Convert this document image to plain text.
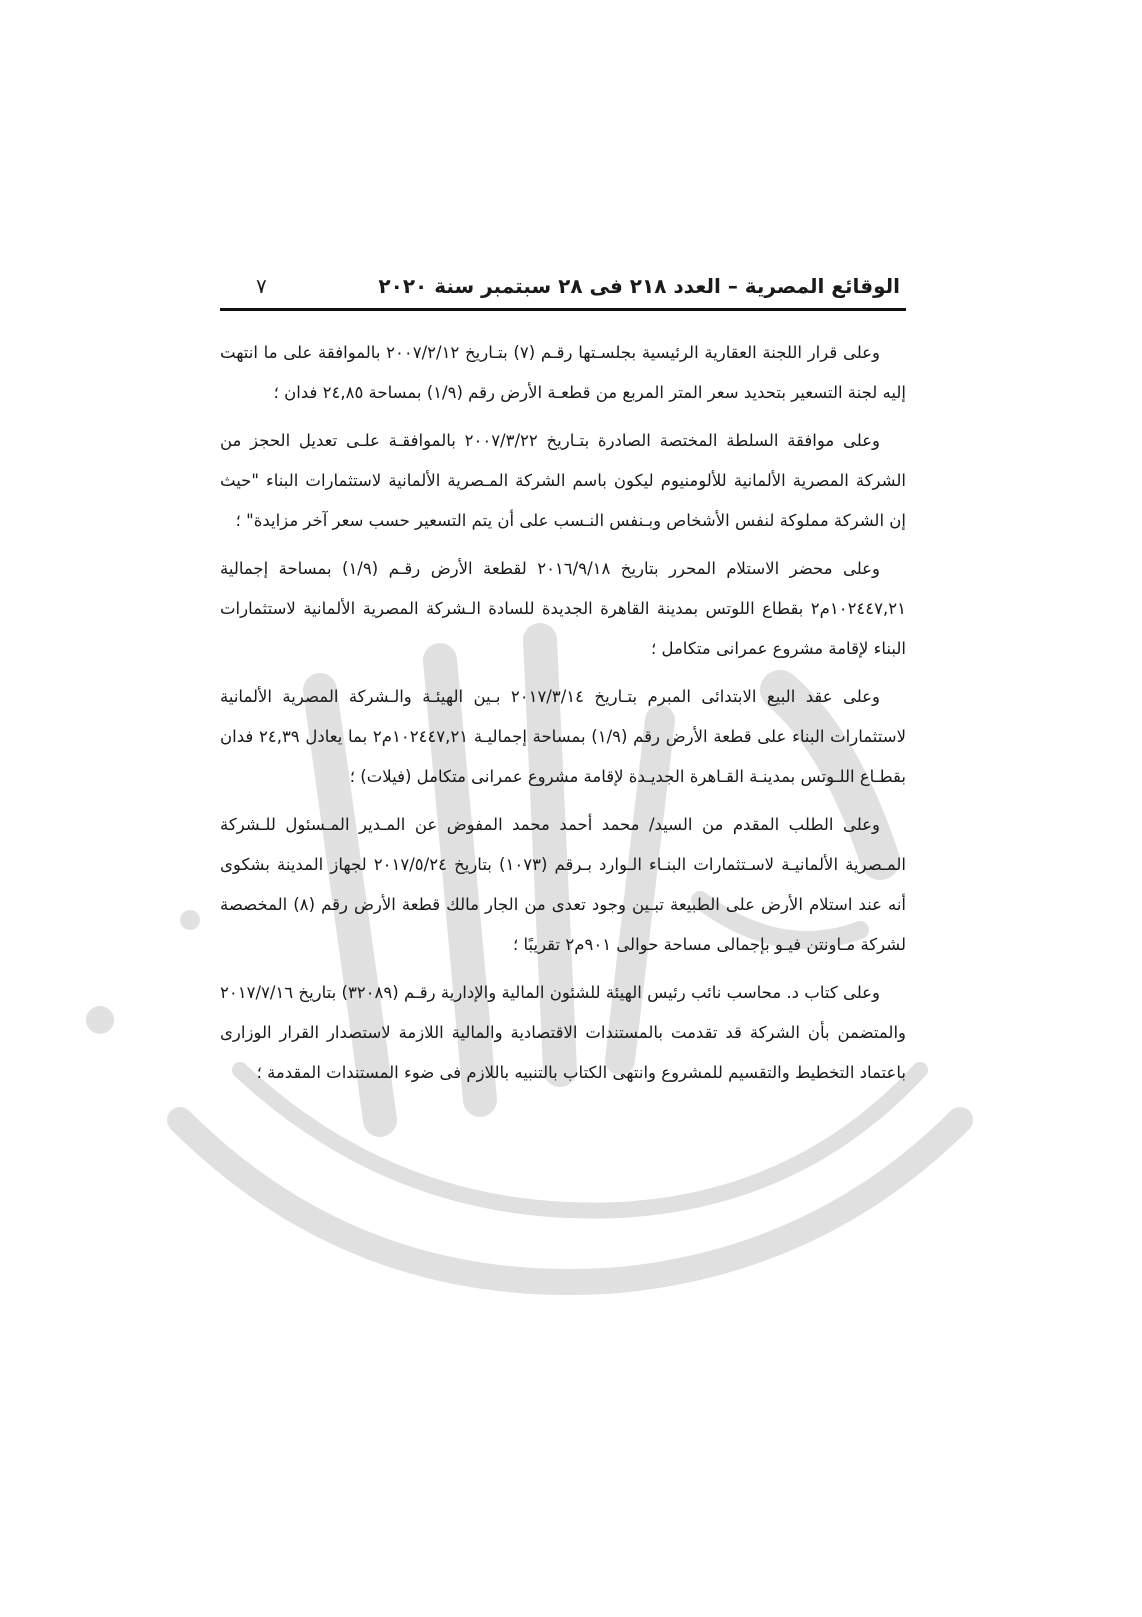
الوقائع المصرية – العدد ٢١٨ فى ٢٨ سبتمبر سنة ٢٠٢٠
٧

وعلى قرار اللجنة العقارية الرئيسية بجلسـتها رقـم (٧) بتـاريخ ٢٠٠٧/٢/١٢ بالموافقة على ما انتهت إليه لجنة التسعير بتحديد سعر المتر المربع من قطعـة الأرض رقم (١/٩) بمساحة ٢٤,٨٥ فدان ؛

وعلى موافقة السلطة المختصة الصادرة بتـاريخ ٢٠٠٧/٣/٢٢ بالموافقـة علـى تعديل الحجز من الشركة المصرية الألمانية للألومنيوم ليكون باسم الشركة المـصرية الألمانية لاستثمارات البناء "حيث إن الشركة مملوكة لنفس الأشخاص وبـنفس النـسب على أن يتم التسعير حسب سعر آخر مزايدة" ؛

وعلى محضر الاستلام المحرر بتاريخ ٢٠١٦/٩/١٨ لقطعة الأرض رقـم (١/٩) بمساحة إجمالية ١٠٢٤٤٧,٢١م٢ بقطاع اللوتس بمدينة القاهرة الجديدة للسادة الـشركة المصرية الألمانية لاستثمارات البناء لإقامة مشروع عمرانى متكامل ؛

وعلى عقد البيع الابتدائى المبرم بتـاريخ ٢٠١٧/٣/١٤ بـين الهيئـة والـشركة المصرية الألمانية لاستثمارات البناء على قطعة الأرض رقم (١/٩) بمساحة إجماليـة ١٠٢٤٤٧,٢١م٢ بما يعادل ٢٤,٣٩ فدان بقطـاع اللـوتس بمدينـة القـاهرة الجديـدة لإقامة مشروع عمرانى متكامل (فيلات) ؛

وعلى الطلب المقدم من السيد/ محمد أحمد محمد المفوض عن المـدير المـسئول للـشركة المـصرية الألمانيـة لاسـتثمارات البنـاء الـوارد بـرقم (١٠٧٣) بتاريخ ٢٠١٧/٥/٢٤ لجهاز المدينة بشكوى أنه عند استلام الأرض على الطبيعة تبـين وجود تعدى من الجار مالك قطعة الأرض رقم (٨) المخصصة لشركة مـاونتن فيـو بإجمالى مساحة حوالى ٩٠١م٢ تقريبًا ؛

وعلى كتاب د. محاسب نائب رئيس الهيئة للشئون المالية والإدارية رقـم (٣٢٠٨٩) بتاريخ ٢٠١٧/٧/١٦ والمتضمن بأن الشركة قد تقدمت بالمستندات الاقتصادية والمالية اللازمة لاستصدار القرار الوزارى باعتماد التخطيط والتقسيم للمشروع وانتهى الكتاب بالتنبيه باللازم فى ضوء المستندات المقدمة ؛
